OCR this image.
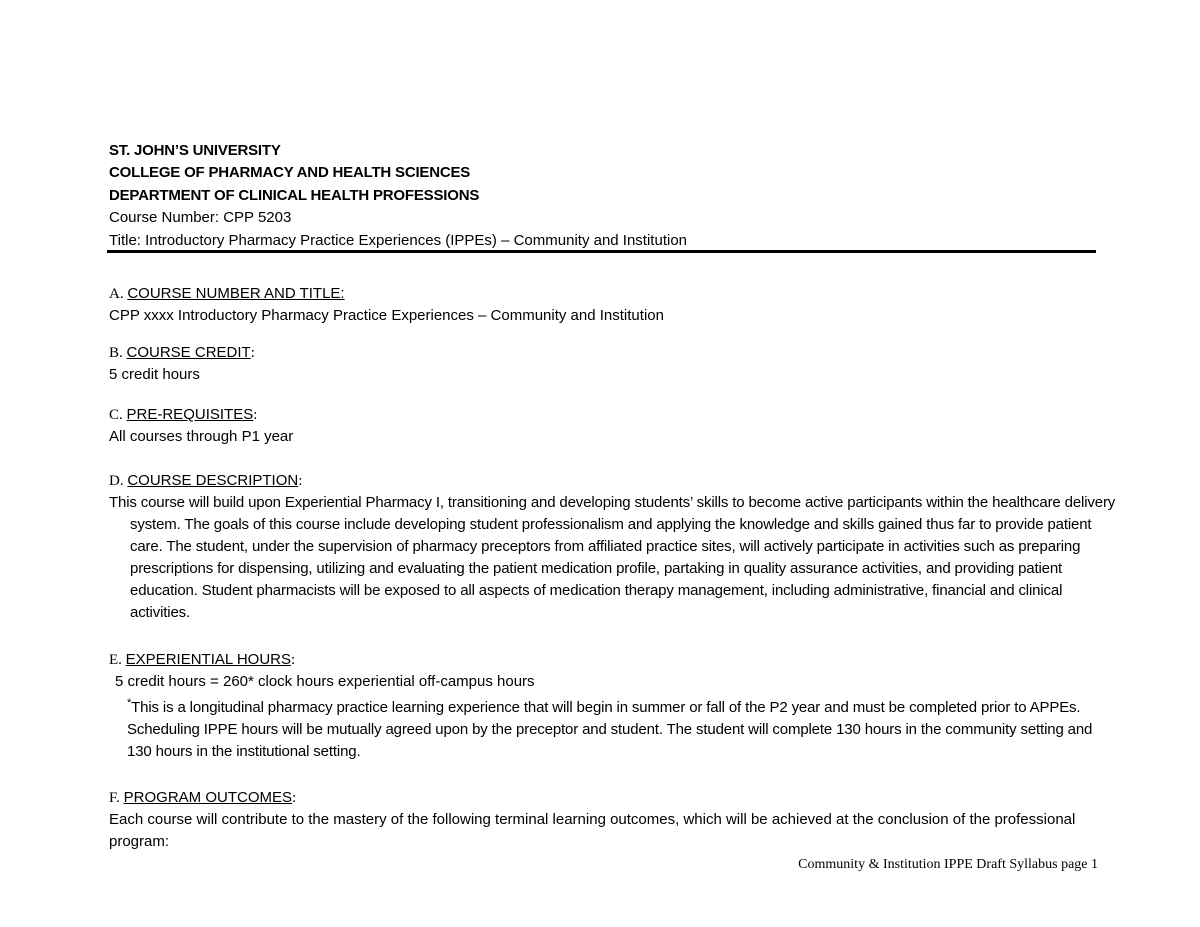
ST. JOHN’S UNIVERSITY
COLLEGE OF PHARMACY AND HEALTH SCIENCES
DEPARTMENT OF CLINICAL HEALTH PROFESSIONS
Course Number: CPP 5203
Title: Introductory Pharmacy Practice Experiences (IPPEs) – Community and Institution
A. COURSE NUMBER AND TITLE:
CPP xxxx Introductory Pharmacy Practice Experiences – Community and Institution
B. COURSE CREDIT:
5 credit hours
C. PRE-REQUISITES:
All courses through P1 year
D. COURSE DESCRIPTION:
This course will build upon Experiential Pharmacy I, transitioning and developing students’ skills to become active participants within the healthcare delivery system. The goals of this course include developing student professionalism and applying the knowledge and skills gained thus far to provide patient care. The student, under the supervision of pharmacy preceptors from affiliated practice sites, will actively participate in activities such as preparing prescriptions for dispensing, utilizing and evaluating the patient medication profile, partaking in quality assurance activities, and providing patient education. Student pharmacists will be exposed to all aspects of medication therapy management, including administrative, financial and clinical activities.
E. EXPERIENTIAL HOURS:
5 credit hours = 260* clock hours experiential off-campus hours
*This is a longitudinal pharmacy practice learning experience that will begin in summer or fall of the P2 year and must be completed prior to APPEs. Scheduling IPPE hours will be mutually agreed upon by the preceptor and student. The student will complete 130 hours in the community setting and 130 hours in the institutional setting.
F. PROGRAM OUTCOMES:
Each course will contribute to the mastery of the following terminal learning outcomes, which will be achieved at the conclusion of the professional program:
Community & Institution IPPE Draft Syllabus page 1
